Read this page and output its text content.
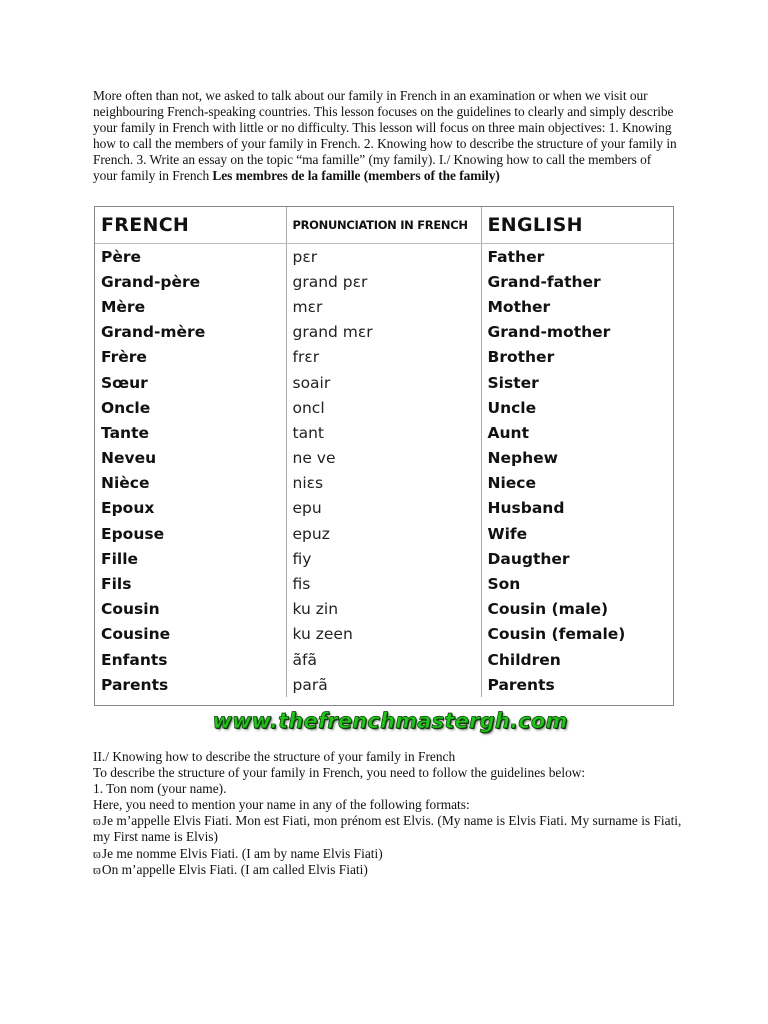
More often than not, we asked to talk about our family in French in an examination or when we visit our neighbouring French-speaking countries. This lesson focuses on the guidelines to clearly and simply describe your family in French with little or no difficulty. This lesson will focus on three main objectives: 1. Knowing how to call the members of your family in French. 2. Knowing how to describe the structure of your family in French. 3. Write an essay on the topic “ma famille” (my family). I./ Knowing how to call the members of your family in French Les membres de la famille (members of the family)
FRENCH	PRONUNCIATION IN FRENCH	ENGLISH
Père	pɛr	Father
Grand-père	grand pɛr	Grand-father
Mère	mɛr	Mother
Grand-mère	grand mɛr	Grand-mother
Frère	frɛr	Brother
Sœur	soair	Sister
Oncle	oncl	Uncle
Tante	tant	Aunt
Neveu	ne ve	Nephew
Nièce	niɛs	Niece
Epoux	epu	Husband
Epouse	epuz	Wife
Fille	fiy	Daugther
Fils	fis	Son
Cousin	ku zin	Cousin (male)
Cousine	ku zeen	Cousin (female)
Enfants	ãfã	Children
Parents	parã	Parents
www.thefrenchmastergh.com

II./ Knowing how to describe the structure of your family in French

To describe the structure of your family in French, you need to follow the guidelines below:

1. Ton nom (your name).

Here, you need to mention your name in any of the following formats:

ϖJe m’appelle Elvis Fiati. Mon est Fiati, mon prénom est Elvis. (My name is Elvis Fiati. My surname is Fiati, my First name is Elvis)

ϖJe me nomme Elvis Fiati. (I am by name Elvis Fiati)

ϖOn m’appelle Elvis Fiati. (I am called Elvis Fiati)
